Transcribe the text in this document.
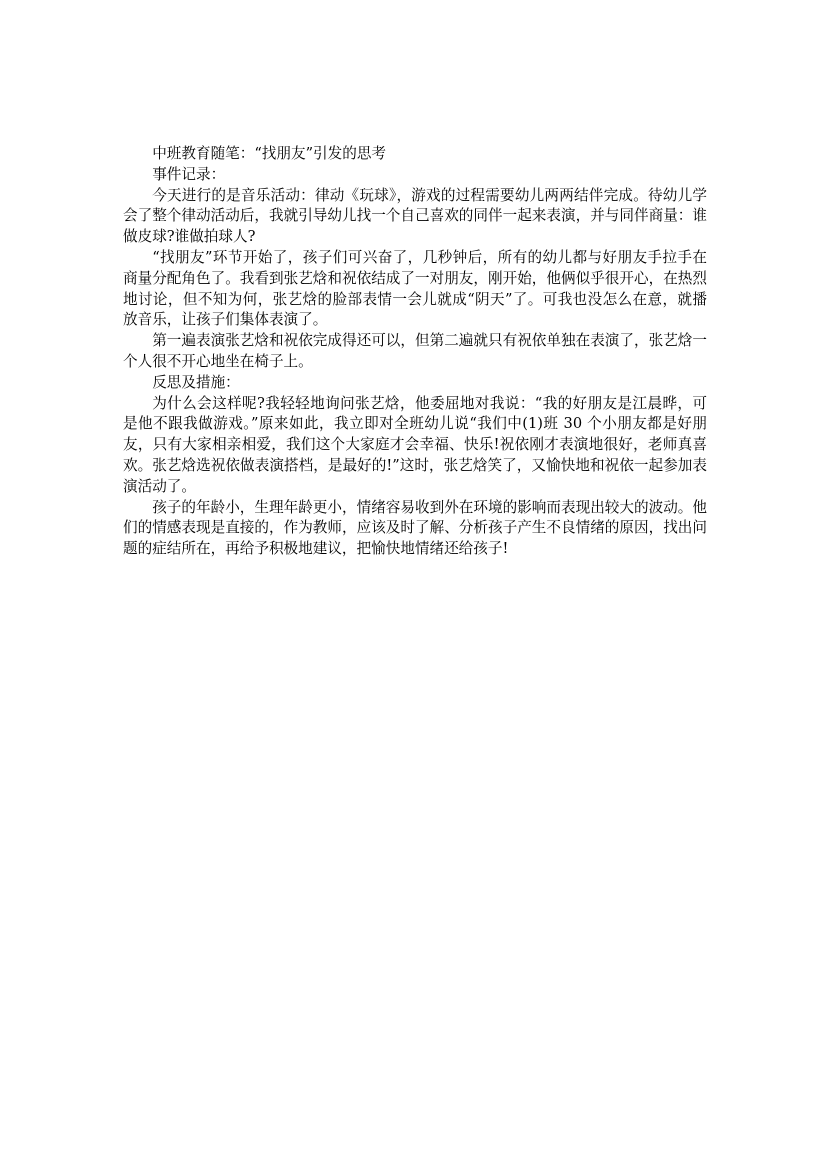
中班教育随笔：“找朋友”引发的思考

事件记录：

今天进行的是音乐活动：律动《玩球》，游戏的过程需要幼儿两两结伴完成。待幼儿学会了整个律动活动后，我就引导幼儿找一个自己喜欢的同伴一起来表演，并与同伴商量：谁做皮球?谁做拍球人?

“找朋友”环节开始了，孩子们可兴奋了，几秒钟后，所有的幼儿都与好朋友手拉手在商量分配角色了。我看到张艺焓和祝依结成了一对朋友，刚开始，他俩似乎很开心，在热烈地讨论，但不知为何，张艺焓的脸部表情一会儿就成“阴天”了。可我也没怎么在意，就播放音乐，让孩子们集体表演了。

第一遍表演张艺焓和祝依完成得还可以，但第二遍就只有祝依单独在表演了，张艺焓一个人很不开心地坐在椅子上。

反思及措施：

为什么会这样呢?我轻轻地询问张艺焓，他委屈地对我说：“我的好朋友是江晨晔，可是他不跟我做游戏。”原来如此，我立即对全班幼儿说“我们中(1)班 30 个小朋友都是好朋友，只有大家相亲相爱，我们这个大家庭才会幸福、快乐!祝依刚才表演地很好，老师真喜欢。张艺焓选祝依做表演搭档，是最好的!”这时，张艺焓笑了，又愉快地和祝依一起参加表演活动了。

孩子的年龄小，生理年龄更小，情绪容易收到外在环境的影响而表现出较大的波动。他们的情感表现是直接的，作为教师，应该及时了解、分析孩子产生不良情绪的原因，找出问题的症结所在，再给予积极地建议，把愉快地情绪还给孩子!
